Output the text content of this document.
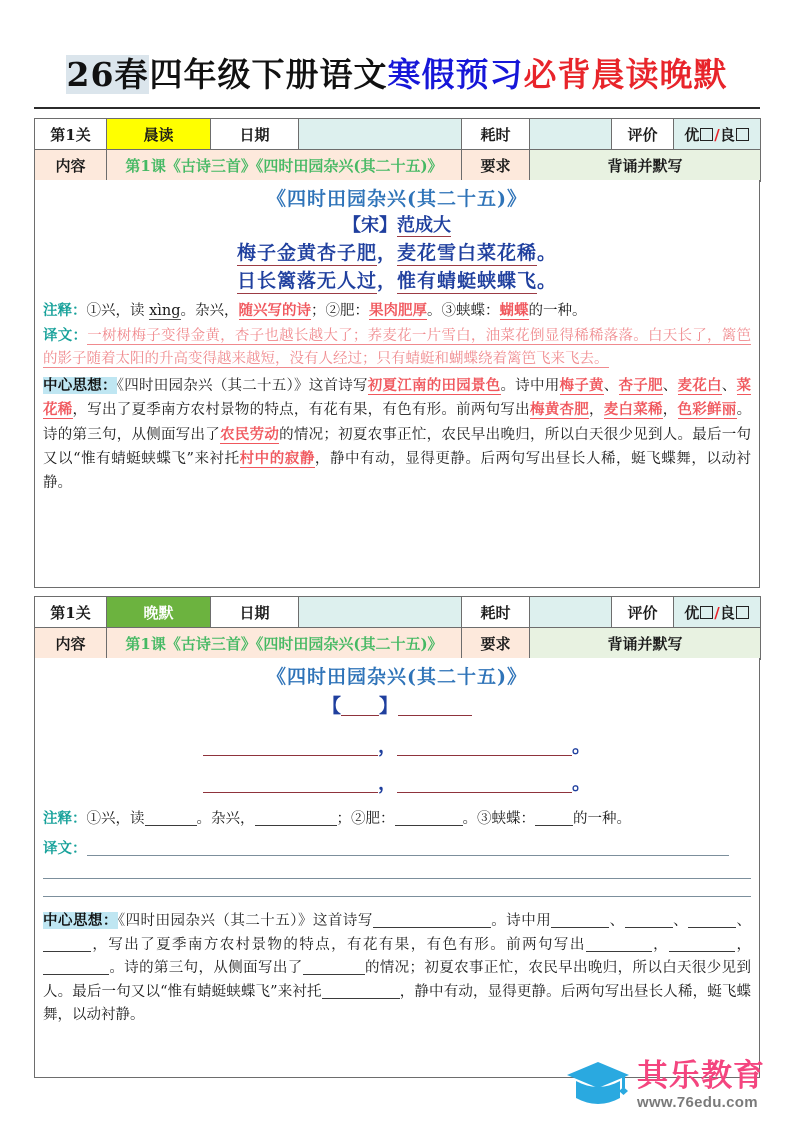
26春四年级下册语文寒假预习必背晨读晚默
第1关	晨读	日期		耗时		评价	优 /良
内容	第1课《古诗三首》《四时田园杂兴(其二十五)》	要求	背诵并默写
《四时田园杂兴(其二十五)》
【宋】范成大
梅子金黄杏子肥，麦花雪白菜花稀。
日长篱落无人过，惟有蜻蜓蛱蝶飞。
注释：①兴，读 xìng。杂兴，随兴写的诗；②肥：果肉肥厚。③蛱蝶：蝴蝶的一种。
译文：一树树梅子变得金黄，杏子也越长越大了；荞麦花一片雪白，油菜花倒显得稀稀落落。白天长了，篱笆的影子随着太阳的升高变得越来越短，没有人经过；只有蜻蜓和蝴蝶绕着篱笆飞来飞去。
中心思想：《四时田园杂兴（其二十五）》这首诗写初夏江南的田园景色。诗中用梅子黄、杏子肥、麦花白、菜花稀，写出了夏季南方农村景物的特点，有花有果，有色有形。前两句写出梅黄杏肥，麦白菜稀，色彩鲜丽。诗的第三句，从侧面写出了农民劳动的情况；初夏农事正忙，农民早出晚归，所以白天很少见到人。最后一句又以“惟有蜻蜓蛱蝶飞”来衬托村中的寂静，静中有动，显得更静。后两句写出昼长人稀，蜓飞蝶舞，以动衬静。
第1关	晚默	日期		耗时		评价	优 /良
内容	第1课《古诗三首》《四时田园杂兴(其二十五)》	要求	背诵并默写
《四时田园杂兴(其二十五)》
【 】
，	。
，	。
注释：①兴，读	。杂兴，	；②肥：	。③蛱蝶：	的一种。
译文：
中心思想：《四时田园杂兴（其二十五）》这首诗写	。诗中用	、	、	、，写出了夏季南方农村景物的特点，有花有果，有色有形。前两句写出	，	，。诗的第三句，从侧面写出了	的情况；初夏农事正忙，农民早出晚归，所以白天很少见到人。最后一句又以“惟有蜻蜓蛱蝶飞”来衬托	，静中有动，显得更静。后两句写出昼长人稀，蜓飞蝶舞，以动衬静。
其乐教育
www.76edu.com
